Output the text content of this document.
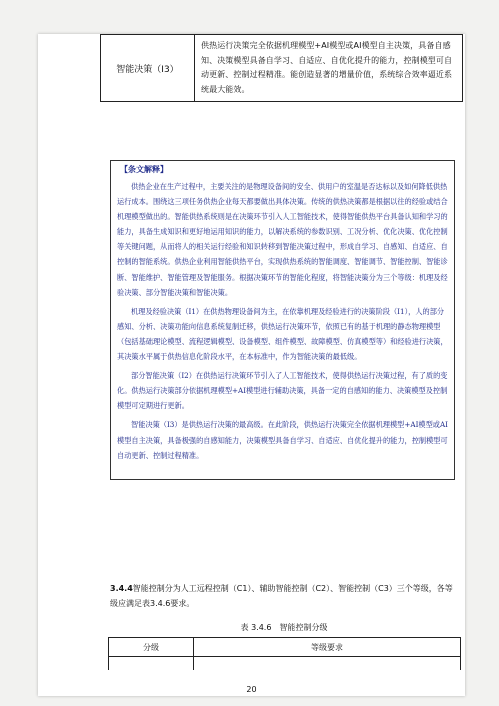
智能决策（I3）	供热运行决策完全依据机理模型+AI模型或AI模型自主决策，具备自感知、决策模型具备自学习、自适应、自优化提升的能力，控制模型可自动更新、控制过程精准。能创造显著的增量价值，系统综合效率逼近系统最大能效。
【条文解释】

供热企业在生产过程中，主要关注的是物理设备间的安全、供用户的室温是否达标以及如何降低供热运行成本。围绕这三项任务供热企业每天都要做出具体决策。传统的供热决策都是根据以往的经验或结合机理模型做出的。智能供热系统则是在决策环节引入人工智能技术，使得智能供热平台具备认知和学习的能力，具备生成知识和更好地运用知识的能力，以解决系统的参数识别、工况分析、优化决策、优化控制等关键问题，从而将人的相关运行经验和知识转移到智能决策过程中，形成自学习、自感知、自适应、自控制的智能系统。供热企业利用智能供热平台，实现供热系统的智能调度、智能调节、智能控制、智能诊断、智能维护、智能管理及智能服务。根据决策环节的智能化程度，将智能决策分为三个等级：机理及经验决策、部分智能决策和智能决策。

机理及经验决策（I1）在供热物理设备间为主，在依靠机理及经验进行的决策阶段（I1），人的部分感知、分析、决策功能向信息系统复制迁移，供热运行决策环节，依照已有的基于机理的静态物理模型（包括基础理论模型、流程逻辑模型、设备模型、组件模型、故障模型、仿真模型等）和经验进行决策，其决策水平属于供热信息化阶段水平，在本标准中，作为智能决策的最低级。

部分智能决策（I2）在供热运行决策环节引入了人工智能技术，使得供热运行决策过程，有了质的变化。供热运行决策部分依据机理模型+AI模型进行辅助决策，具备一定的自感知的能力、决策模型及控制模型可定期进行更新。

智能决策（I3）是供热运行决策的最高级。在此阶段，供热运行决策完全依据机理模型+AI模型或AI模型自主决策，具备极强的自感知能力，决策模型具备自学习、自适应、自优化提升的能力，控制模型可自动更新、控制过程精准。

3.4.4智能控制分为人工远程控制（C1）、辅助智能控制（C2）、智能控制（C3）三个等级，各等级应满足表3.4.6要求。
表 3.4.6　智能控制分级
分级	等级要求

20
